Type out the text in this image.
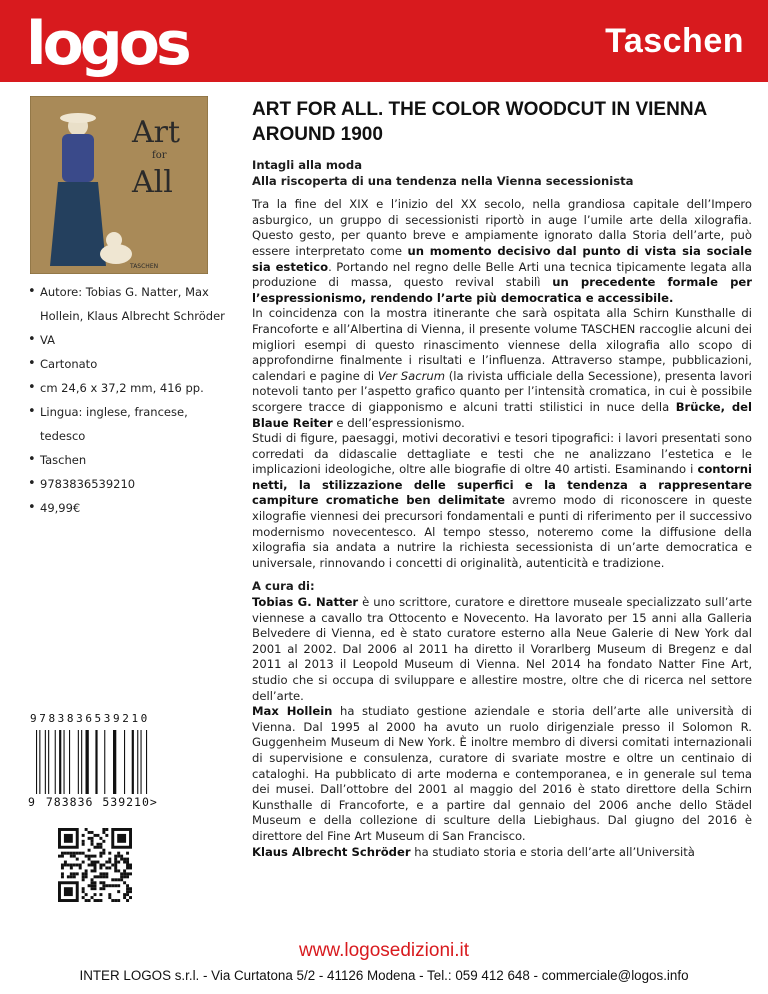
logos	Taschen
Art
for
All
TASCHEN
• Autore: Tobias G. Natter, Max Hollein, Klaus Albrecht Schröder
• VA
• Cartonato
• cm 24,6 x 37,2 mm, 416 pp.
• Lingua: inglese, francese, tedesco
• Taschen
• 9783836539210
• 49,99€
9783836539210
9 783836 539210>
ART FOR ALL. THE COLOR WOODCUT IN VIENNA AROUND 1900
Intagli alla moda
Alla riscoperta di una tendenza nella Vienna secessionista

Tra la fine del XIX e l’inizio del XX secolo, nella grandiosa capitale dell’Impero asburgico, un gruppo di secessionisti riportò in auge l’umile arte della xilografia. Questo gesto, per quanto breve e ampiamente ignorato dalla Storia dell’arte, può essere interpretato come un momento decisivo dal punto di vista sia sociale sia estetico. Portando nel regno delle Belle Arti una tecnica tipicamente legata alla produzione di massa, questo revival stabilì un precedente formale per l’espressionismo, rendendo l’arte più democratica e accessibile.

In coincidenza con la mostra itinerante che sarà ospitata alla Schirn Kunsthalle di Francoforte e all’Albertina di Vienna, il presente volume TASCHEN raccoglie alcuni dei migliori esempi di questo rinascimento viennese della xilografia allo scopo di approfondirne finalmente i risultati e l’influenza. Attraverso stampe, pubblicazioni, calendari e pagine di Ver Sacrum (la rivista ufficiale della Secessione), presenta lavori notevoli tanto per l’aspetto grafico quanto per l’intensità cromatica, in cui è possibile scorgere tracce di giapponismo e alcuni tratti stilistici in nuce della Brücke, del Blaue Reiter e dell’espressionismo.

Studi di figure, paesaggi, motivi decorativi e tesori tipografici: i lavori presentati sono corredati da didascalie dettagliate e testi che ne analizzano l’estetica e le implicazioni ideologiche, oltre alle biografie di oltre 40 artisti. Esaminando i contorni netti, la stilizzazione delle superfici e la tendenza a rappresentare campiture cromatiche ben delimitate avremo modo di riconoscere in queste xilografie viennesi dei precursori fondamentali e punti di riferimento per il successivo modernismo novecentesco. Al tempo stesso, noteremo come la diffusione della xilografia sia andata a nutrire la richiesta secessionista di un’arte democratica e universale, rinnovando i concetti di originalità, autenticità e tradizione.

A cura di:

Tobias G. Natter è uno scrittore, curatore e direttore museale specializzato sull’arte viennese a cavallo tra Ottocento e Novecento. Ha lavorato per 15 anni alla Galleria Belvedere di Vienna, ed è stato curatore esterno alla Neue Galerie di New York dal 2001 al 2002. Dal 2006 al 2011 ha diretto il Vorarlberg Museum di Bregenz e dal 2011 al 2013 il Leopold Museum di Vienna. Nel 2014 ha fondato Natter Fine Art, studio che si occupa di sviluppare e allestire mostre, oltre che di ricerca nel settore dell’arte.

Max Hollein ha studiato gestione aziendale e storia dell’arte alle università di Vienna. Dal 1995 al 2000 ha avuto un ruolo dirigenziale presso il Solomon R. Guggenheim Museum di New York. È inoltre membro di diversi comitati internazionali di supervisione e consulenza, curatore di svariate mostre e oltre un centinaio di cataloghi. Ha pubblicato di arte moderna e contemporanea, e in generale sul tema dei musei. Dall’ottobre del 2001 al maggio del 2016 è stato direttore della Schirn Kunsthalle di Francoforte, e a partire dal gennaio del 2006 anche dello Städel Museum e della collezione di sculture della Liebighaus. Dal giugno del 2016 è direttore del Fine Art Museum di San Francisco.

Klaus Albrecht Schröder ha studiato storia e storia dell’arte all’Università

www.logosedizioni.it
INTER LOGOS s.r.l. - Via Curtatona 5/2 - 41126 Modena - Tel.: 059 412 648 - commerciale@logos.info
